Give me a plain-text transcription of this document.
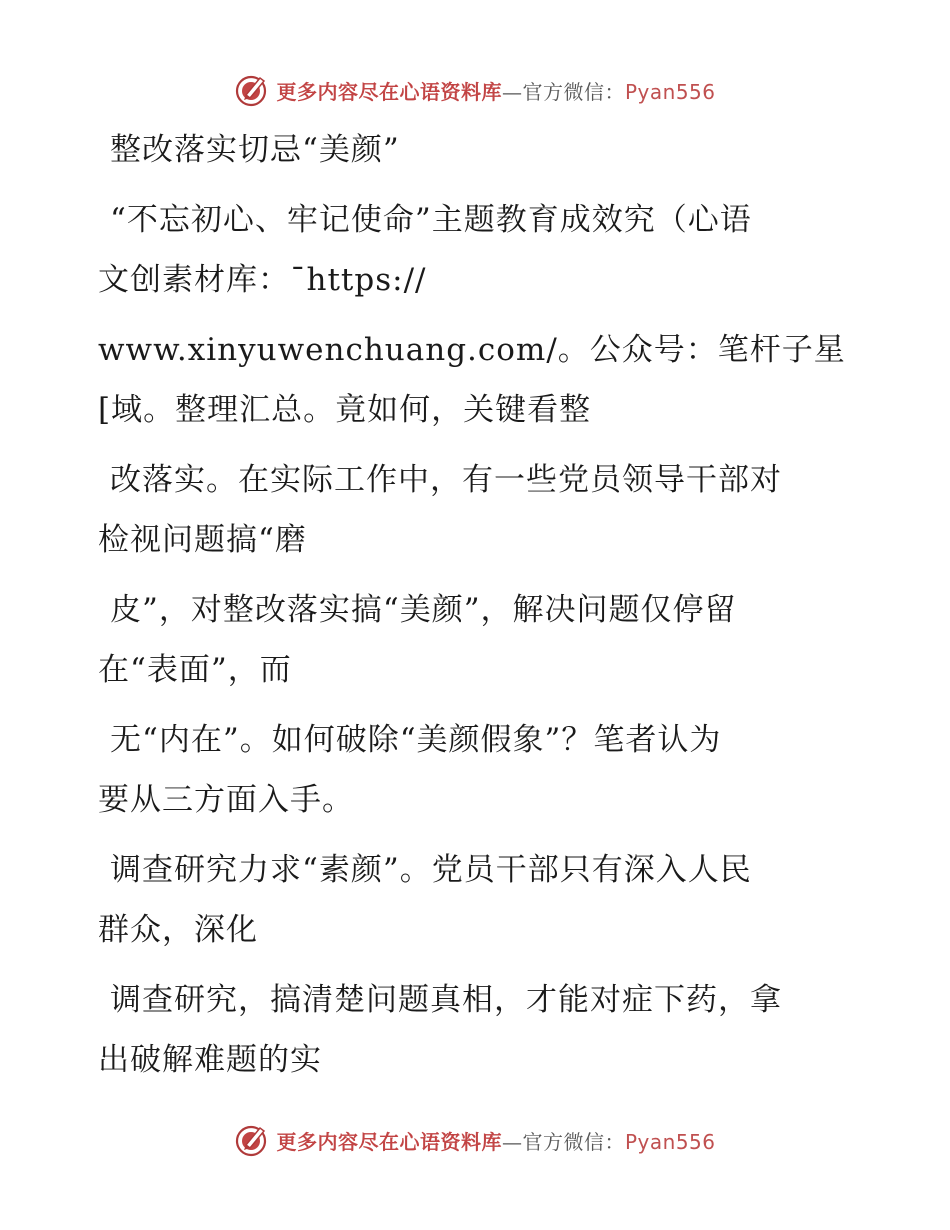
更多内容尽在心语资料库—官方微信：Pyan556
整改落实切忌“美颜”
“不忘初心、牢记使命”主题教育成效究（心语
文创素材库：¯https://
www.xinyuwenchuang.com/。公众号：笔杆子星
[域。整理汇总。竟如何，关键看整
改落实。在实际工作中，有一些党员领导干部对
检视问题搞“磨
皮”，对整改落实搞“美颜”，解决问题仅停留
在“表面”，而
无“内在”。如何破除“美颜假象”？笔者认为
要从三方面入手。
调查研究力求“素颜”。党员干部只有深入人民
群众，深化
调查研究，搞清楚问题真相，才能对症下药，拿
出破解难题的实
更多内容尽在心语资料库—官方微信：Pyan556
